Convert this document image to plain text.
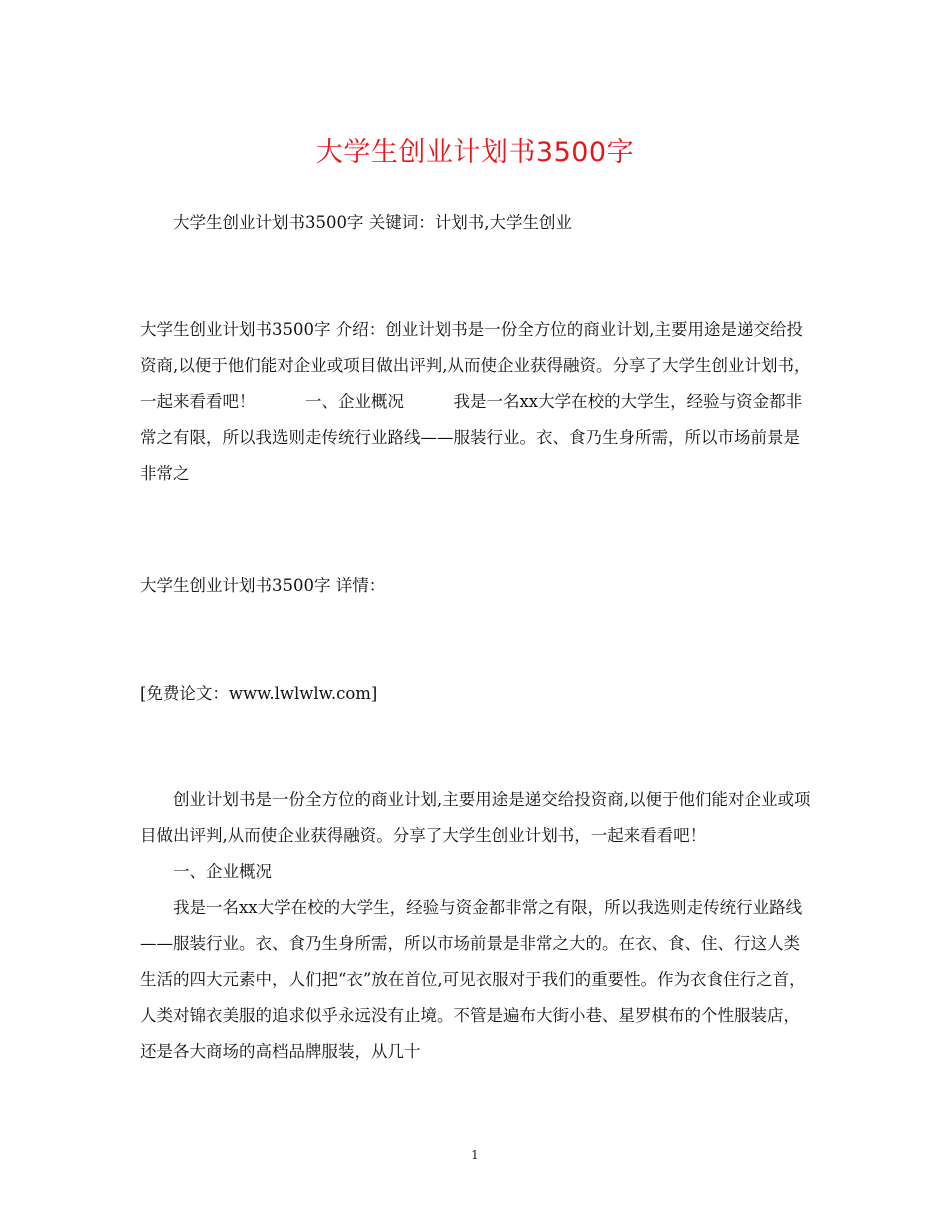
大学生创业计划书3500字
大学生创业计划书3500字 关键词：计划书,大学生创业
大学生创业计划书3500字 介绍：创业计划书是一份全方位的商业计划,主要用途是递交给投资商,以便于他们能对企业或项目做出评判,从而使企业获得融资。分享了大学生创业计划书，一起来看看吧！　　　一、企业概况　　　我是一名xx大学在校的大学生，经验与资金都非常之有限，所以我选则走传统行业路线——服装行业。衣、食乃生身所需，所以市场前景是非常之
大学生创业计划书3500字 详情：
[免费论文：www.lwlwlw.com]
创业计划书是一份全方位的商业计划,主要用途是递交给投资商,以便于他们能对企业或项目做出评判,从而使企业获得融资。分享了大学生创业计划书，一起来看看吧！
一、企业概况
我是一名xx大学在校的大学生，经验与资金都非常之有限，所以我选则走传统行业路线——服装行业。衣、食乃生身所需，所以市场前景是非常之大的。在衣、食、住、行这人类生活的四大元素中，人们把“衣”放在首位,可见衣服对于我们的重要性。作为衣食住行之首，人类对锦衣美服的追求似乎永远没有止境。不管是遍布大街小巷、星罗棋布的个性服装店，还是各大商场的高档品牌服装，从几十
1
